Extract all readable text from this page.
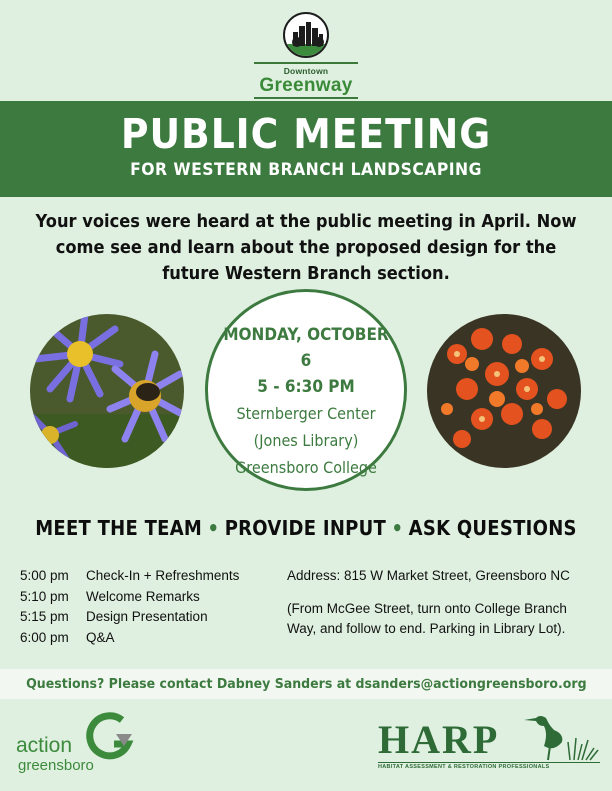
Downtown
Greenway
PUBLIC MEETING
FOR WESTERN BRANCH LANDSCAPING
Your voices were heard at the public meeting in April. Now come see and learn about the proposed design for the future Western Branch section.
MONDAY, OCTOBER 6
5 - 6:30 PM
Sternberger Center
(Jones Library)
Greensboro College
MEET THE TEAM • PROVIDE INPUT • ASK QUESTIONS
5:00 pm	Check-In + Refreshments
5:10 pm	Welcome Remarks
5:15 pm	Design Presentation
6:00 pm	Q&A
Address: 815 W Market Street, Greensboro NC
(From McGee Street, turn onto College Branch Way, and follow to end. Parking in Library Lot).
Questions? Please contact Dabney Sanders at dsanders@actiongreensboro.org
action
greensboro
HARP
HABITAT ASSESSMENT & RESTORATION PROFESSIONALS
